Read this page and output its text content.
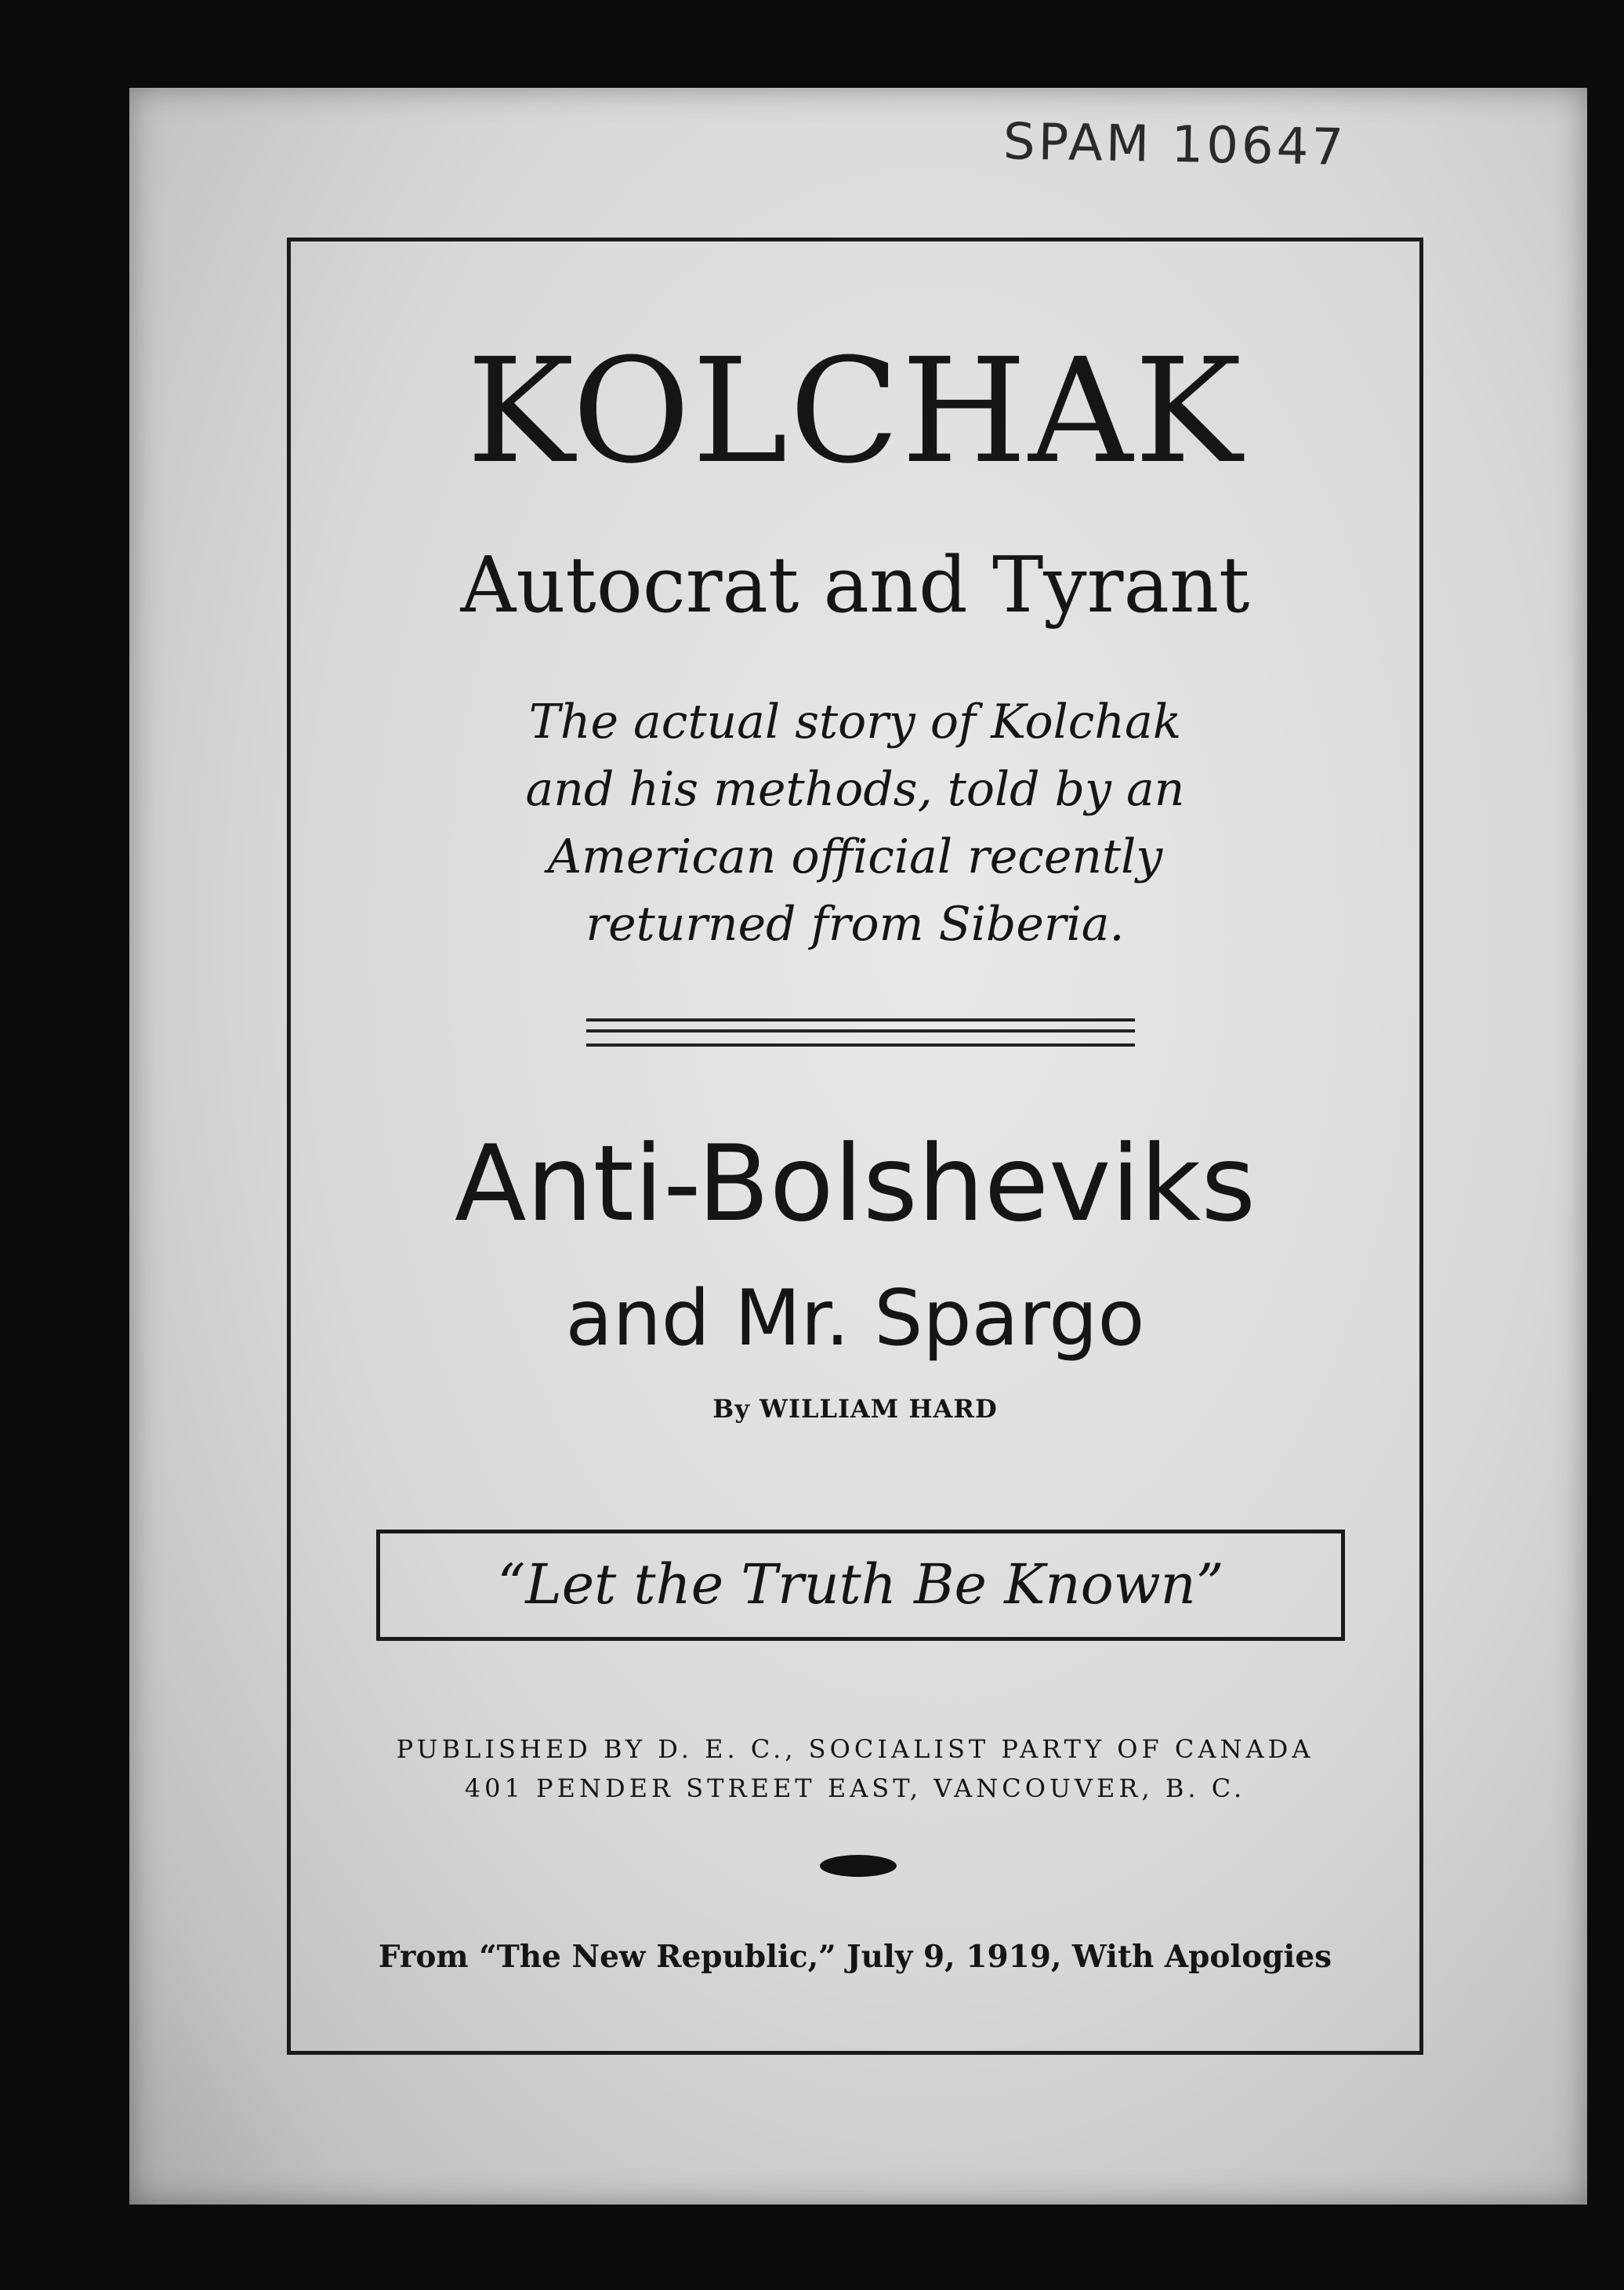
SPAM 10647
KOLCHAK
Autocrat and Tyrant
The actual story of Kolchak
and his methods, told by an
American official recently
returned from Siberia.
Anti-Bolsheviks
and Mr. Spargo
By WILLIAM HARD
“Let the Truth Be Known”
PUBLISHED BY D. E. C., SOCIALIST PARTY OF CANADA
401 PENDER STREET EAST, VANCOUVER, B. C.
From “The New Republic,” July 9, 1919, With Apologies
